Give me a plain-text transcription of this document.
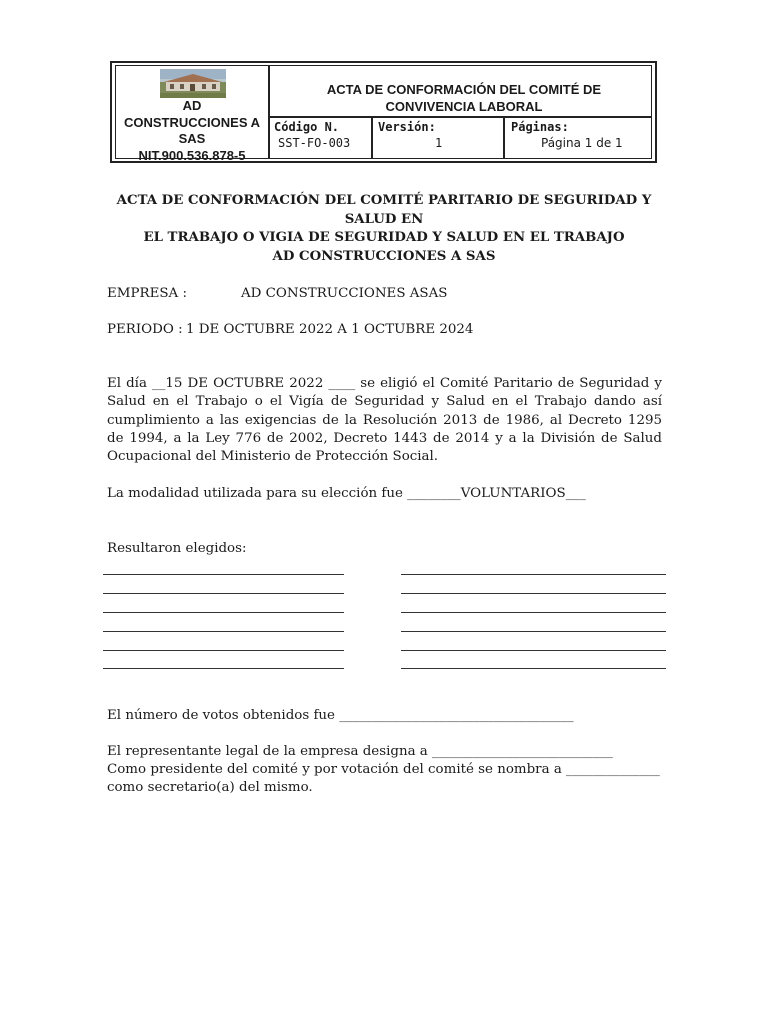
AD
CONSTRUCCIONES A
SAS
NIT.900.536.878-5
ACTA DE CONFORMACIÓN DEL COMITÉ DE
CONVIVENCIA LABORAL
Código N.
SST-FO-003
Versión:
1
Páginas:
Página 1 de 1
ACTA DE CONFORMACIÓN DEL COMITÉ PARITARIO DE SEGURIDAD Y SALUD EN
EL TRABAJO O VIGIA DE SEGURIDAD Y SALUD EN EL TRABAJO
AD CONSTRUCCIONES A SAS
EMPRESA :	AD CONSTRUCCIONES ASAS
PERIODO : 1 DE OCTUBRE 2022 A 1 OCTUBRE 2024
El día __15 DE OCTUBRE 2022 ____ se eligió el Comité Paritario de Seguridad y Salud en el Trabajo o el Vigía de Seguridad y Salud en el Trabajo dando así cumplimiento a las exigencias de la Resolución 2013 de 1986, al Decreto 1295 de 1994, a la Ley 776 de 2002, Decreto 1443 de 2014 y a la División de Salud Ocupacional del Ministerio de Protección Social.
La modalidad utilizada para su elección fue ________VOLUNTARIOS___
Resultaron elegidos:
El número de votos obtenidos fue ___________________________________
El representante legal de la empresa designa a ___________________________
Como presidente del comité y por votación del comité se nombra a ______________
como secretario(a) del mismo.
